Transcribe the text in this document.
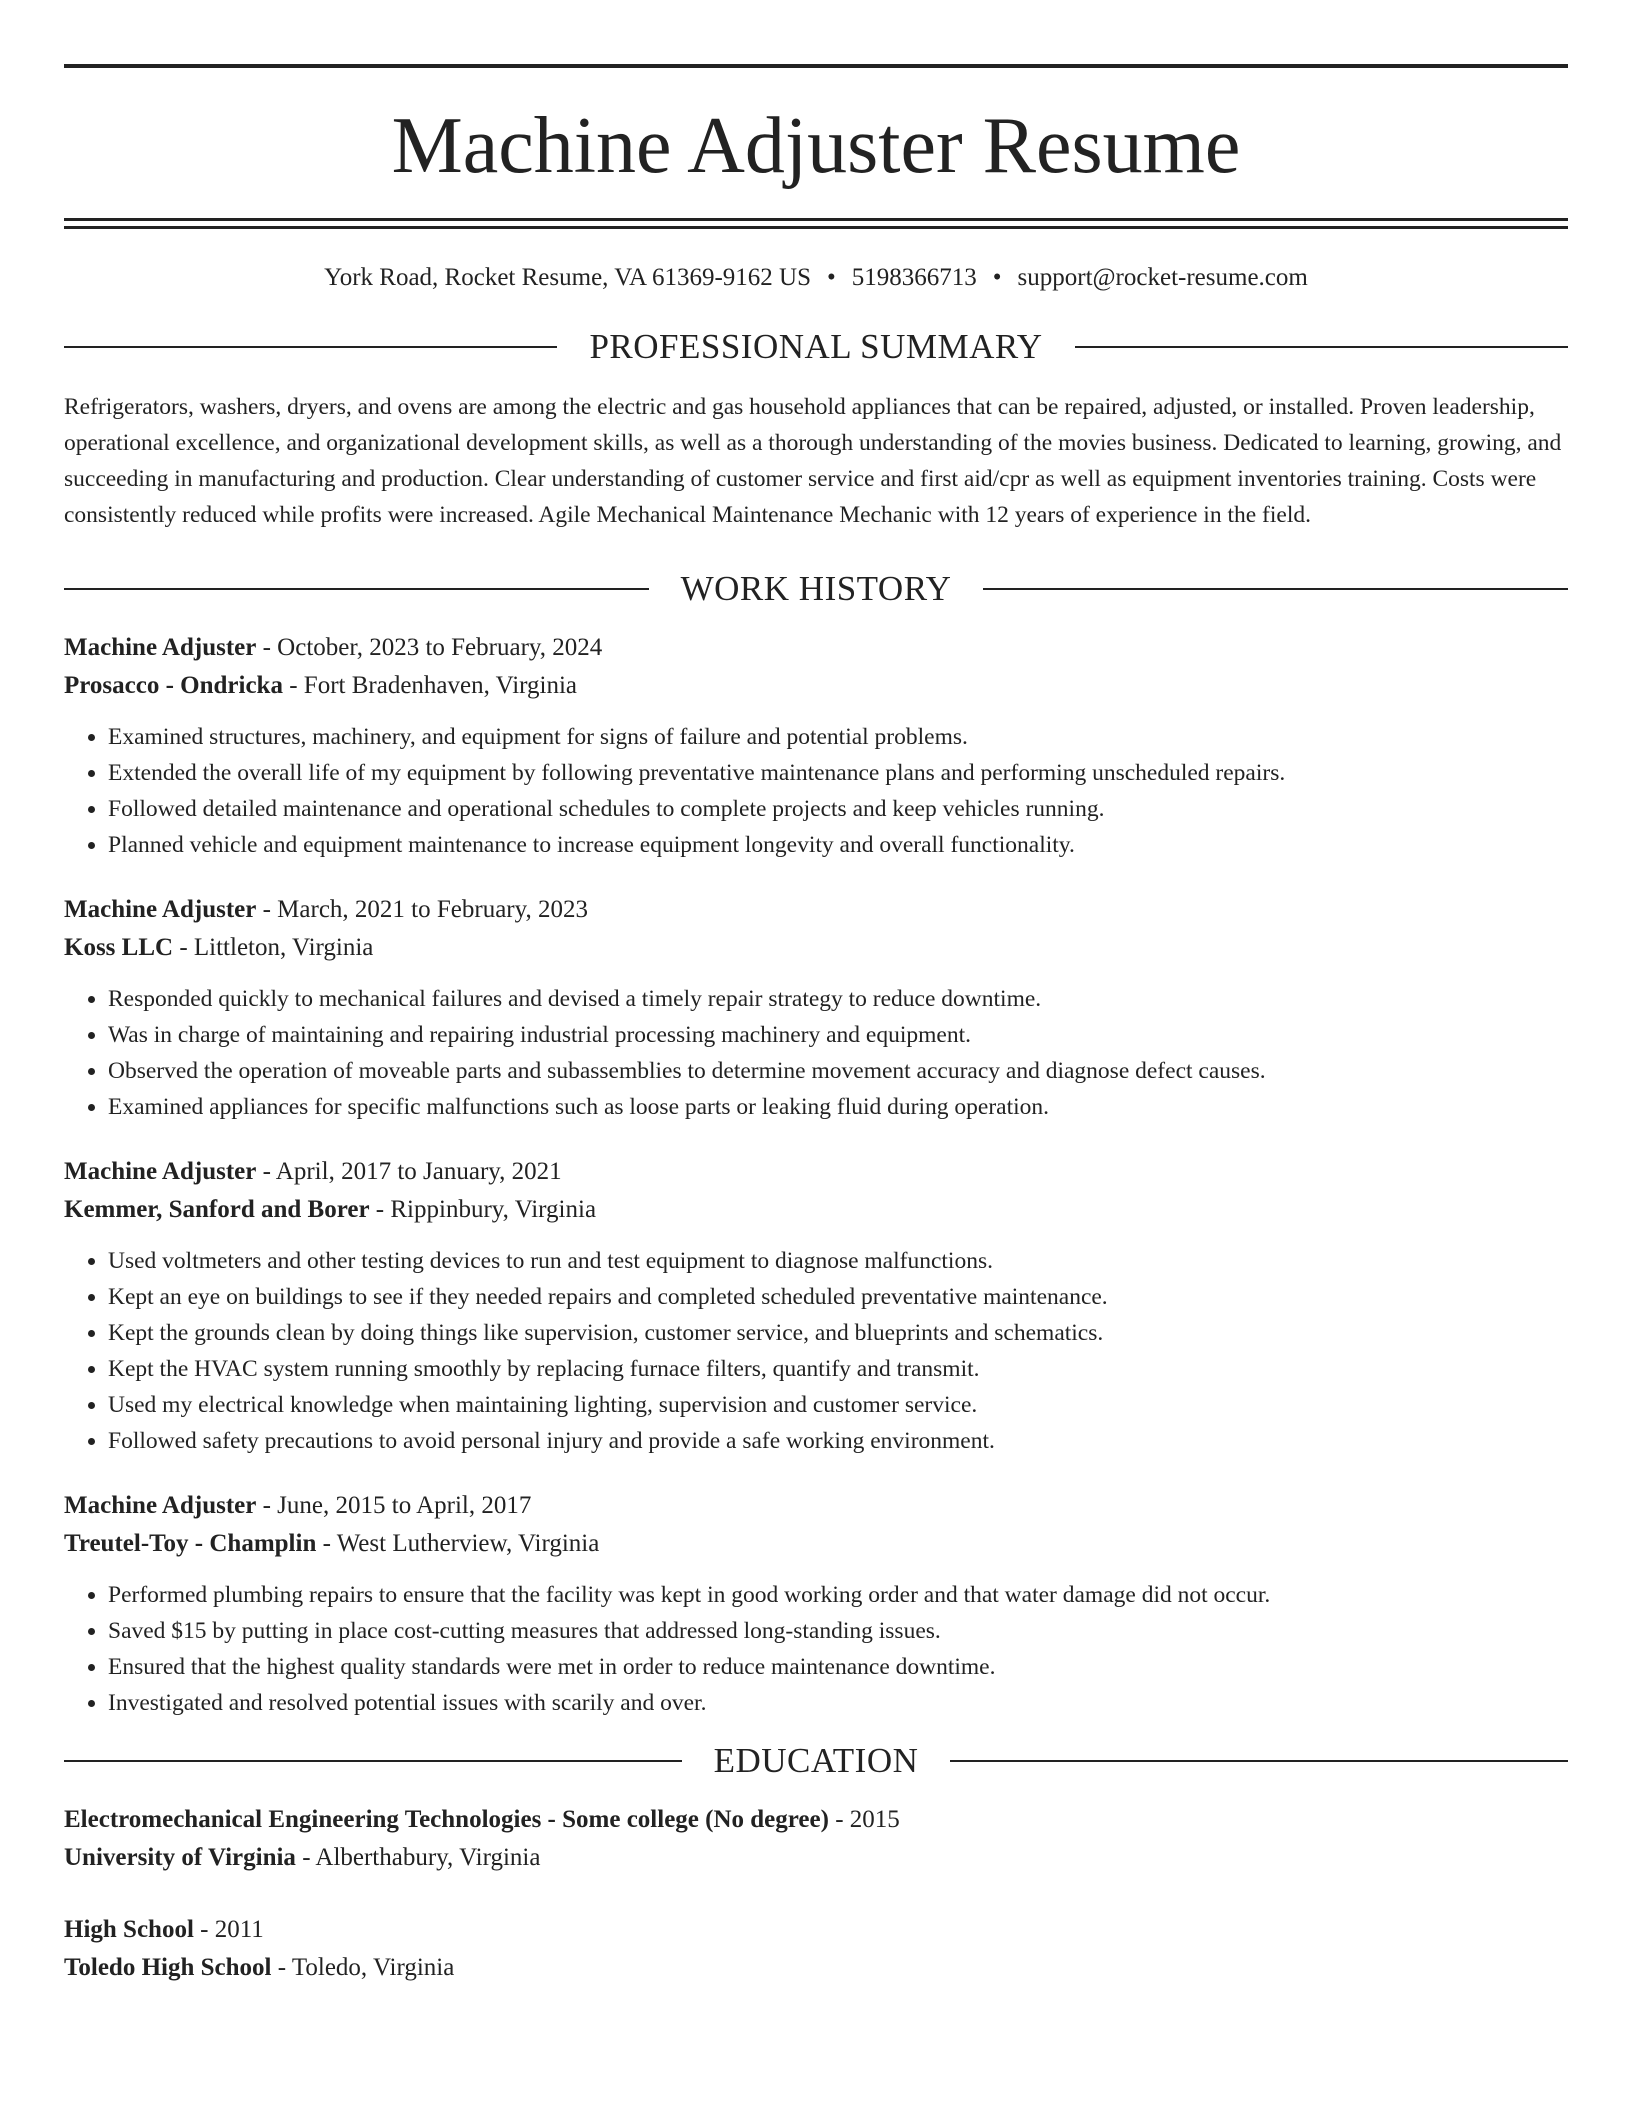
Machine Adjuster Resume
York Road, Rocket Resume, VA 61369-9162 US • 5198366713 • support@rocket-resume.com
PROFESSIONAL SUMMARY
Refrigerators, washers, dryers, and ovens are among the electric and gas household appliances that can be repaired, adjusted, or installed. Proven leadership, operational excellence, and organizational development skills, as well as a thorough understanding of the movies business. Dedicated to learning, growing, and succeeding in manufacturing and production. Clear understanding of customer service and first aid/cpr as well as equipment inventories training. Costs were consistently reduced while profits were increased. Agile Mechanical Maintenance Mechanic with 12 years of experience in the field.
WORK HISTORY
Machine Adjuster - October, 2023 to February, 2024
Prosacco - Ondricka - Fort Bradenhaven, Virginia
• Examined structures, machinery, and equipment for signs of failure and potential problems.
• Extended the overall life of my equipment by following preventative maintenance plans and performing unscheduled repairs.
• Followed detailed maintenance and operational schedules to complete projects and keep vehicles running.
• Planned vehicle and equipment maintenance to increase equipment longevity and overall functionality.
Machine Adjuster - March, 2021 to February, 2023
Koss LLC - Littleton, Virginia
• Responded quickly to mechanical failures and devised a timely repair strategy to reduce downtime.
• Was in charge of maintaining and repairing industrial processing machinery and equipment.
• Observed the operation of moveable parts and subassemblies to determine movement accuracy and diagnose defect causes.
• Examined appliances for specific malfunctions such as loose parts or leaking fluid during operation.
Machine Adjuster - April, 2017 to January, 2021
Kemmer, Sanford and Borer - Rippinbury, Virginia
• Used voltmeters and other testing devices to run and test equipment to diagnose malfunctions.
• Kept an eye on buildings to see if they needed repairs and completed scheduled preventative maintenance.
• Kept the grounds clean by doing things like supervision, customer service, and blueprints and schematics.
• Kept the HVAC system running smoothly by replacing furnace filters, quantify and transmit.
• Used my electrical knowledge when maintaining lighting, supervision and customer service.
• Followed safety precautions to avoid personal injury and provide a safe working environment.
Machine Adjuster - June, 2015 to April, 2017
Treutel-Toy - Champlin - West Lutherview, Virginia
• Performed plumbing repairs to ensure that the facility was kept in good working order and that water damage did not occur.
• Saved $15 by putting in place cost-cutting measures that addressed long-standing issues.
• Ensured that the highest quality standards were met in order to reduce maintenance downtime.
• Investigated and resolved potential issues with scarily and over.
EDUCATION
Electromechanical Engineering Technologies - Some college (No degree) - 2015
University of Virginia - Alberthabury, Virginia
High School - 2011
Toledo High School - Toledo, Virginia
